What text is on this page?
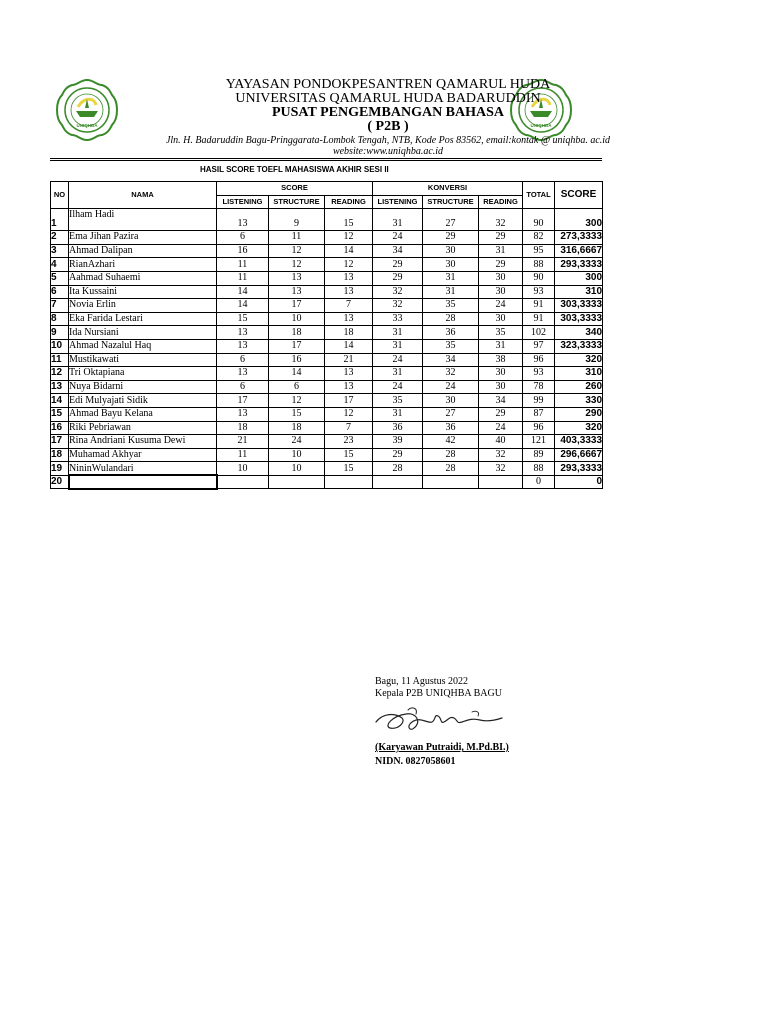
UNIQHBA	UNIQHBA
YAYASAN PONDOKPESANTREN QAMARUL HUDA
UNIVERSITAS QAMARUL HUDA BADARUDDIN
PUSAT PENGEMBANGAN BAHASA
( P2B )
Jln. H. Badaruddin Bagu-Pringgarata-Lombok Tengah, NTB, Kode Pos 83562, email:kontak @ uniqhba. ac.id
website:www.uniqhba.ac.id
HASIL SCORE TOEFL MAHASISWA AKHIR SESI II
NO	NAMA	SCORE			KONVERSI			TOTAL	SCORE
		LISTENING	STRUCTURE	READING	LISTENING	STRUCTURE	READING		
1	Ilham Hadi	13	9	15	31	27	32	90	300
2	Ema Jihan Pazira	6	11	12	24	29	29	82	273,3333
3	Ahmad Dalipan	16	12	14	34	30	31	95	316,6667
4	RianAzhari	11	12	12	29	30	29	88	293,3333
5	Aahmad Suhaemi	11	13	13	29	31	30	90	300
6	Ita Kussaini	14	13	13	32	31	30	93	310
7	Novia Erlin	14	17	7	32	35	24	91	303,3333
8	Eka Farida Lestari	15	10	13	33	28	30	91	303,3333
9	Ida Nursiani	13	18	18	31	36	35	102	340
10	Ahmad Nazalul Haq	13	17	14	31	35	31	97	323,3333
11	Mustikawati	6	16	21	24	34	38	96	320
12	Tri Oktapiana	13	14	13	31	32	30	93	310
13	Nuya Bidarni	6	6	13	24	24	30	78	260
14	Edi Mulyajati Sidik	17	12	17	35	30	34	99	330
15	Ahmad Bayu Kelana	13	15	12	31	27	29	87	290
16	Riki Pebriawan	18	18	7	36	36	24	96	320
17	Rina Andriani Kusuma Dewi	21	24	23	39	42	40	121	403,3333
18	Muhamad Akhyar	11	10	15	29	28	32	89	296,6667
19	NininWulandari	10	10	15	28	28	32	88	293,3333
20								0	0
Bagu, 11 Agustus 2022
Kepala P2B UNIQHBA BAGU
(Karyawan Putraidi, M.Pd.BI.)
NIDN. 0827058601
